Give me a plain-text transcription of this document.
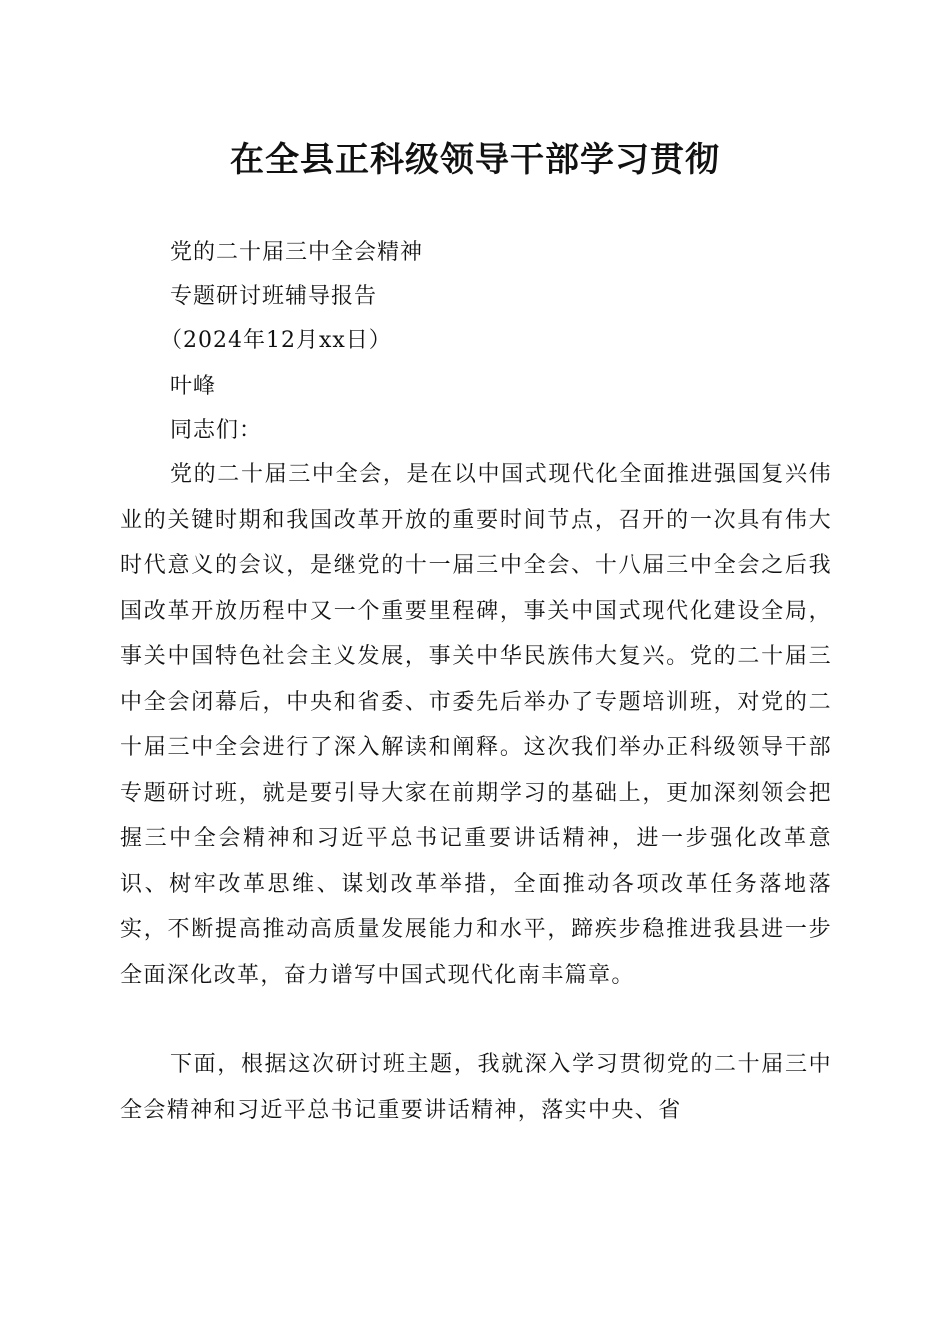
在全县正科级领导干部学习贯彻
党的二十届三中全会精神
专题研讨班辅导报告
（2024年12月xx日）
叶峰
同志们：
党的二十届三中全会，是在以中国式现代化全面推进强国复兴伟业的关键时期和我国改革开放的重要时间节点，召开的一次具有伟大时代意义的会议，是继党的十一届三中全会、十八届三中全会之后我国改革开放历程中又一个重要里程碑，事关中国式现代化建设全局，事关中国特色社会主义发展，事关中华民族伟大复兴。党的二十届三中全会闭幕后，中央和省委、市委先后举办了专题培训班，对党的二十届三中全会进行了深入解读和阐释。这次我们举办正科级领导干部专题研讨班，就是要引导大家在前期学习的基础上，更加深刻领会把握三中全会精神和习近平总书记重要讲话精神，进一步强化改革意识、树牢改革思维、谋划改革举措，全面推动各项改革任务落地落实，不断提高推动高质量发展能力和水平，蹄疾步稳推进我县进一步全面深化改革，奋力谱写中国式现代化南丰篇章。
下面，根据这次研讨班主题，我就深入学习贯彻党的二十届三中全会精神和习近平总书记重要讲话精神，落实中央、省
